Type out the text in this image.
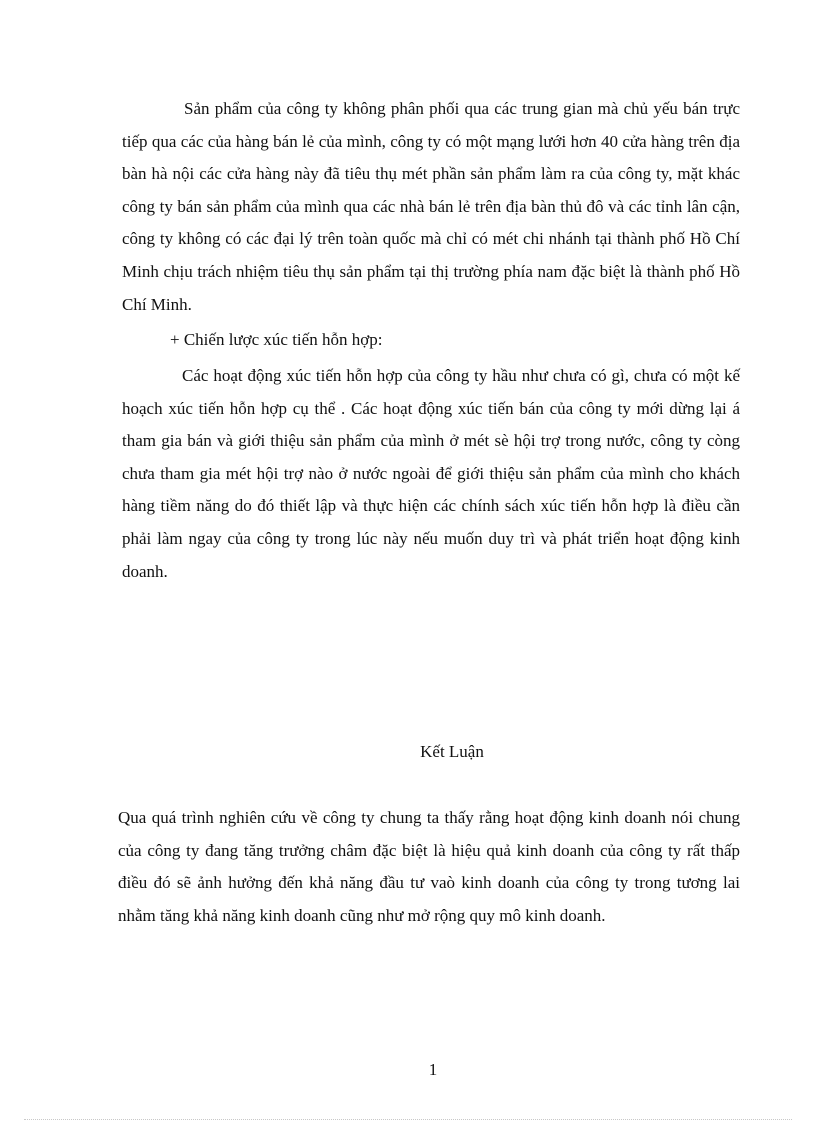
Sản phẩm của công ty không phân phối qua các trung gian mà chủ yếu bán trực tiếp qua các của hàng bán lẻ của mình, công ty có một mạng lưới hơn 40 cửa hàng trên địa bàn hà nội các cửa hàng này đã tiêu thụ mét phần sản phẩm làm ra của công ty, mặt khác công ty bán sản phẩm của mình qua các nhà bán lẻ trên địa bàn thủ đô và các tỉnh lân cận, công ty không có các đại lý trên toàn quốc mà chỉ có mét chi nhánh tại thành phố Hồ Chí Minh chịu trách nhiệm tiêu thụ sản phẩm tại thị trường phía nam đặc biệt là thành phố Hồ Chí Minh.

+ Chiến lược xúc tiến hỗn hợp:

Các hoạt động xúc tiến hỗn hợp của công ty hầu như chưa có gì, chưa có một kế hoạch xúc tiến hỗn hợp cụ thể . Các hoạt động xúc tiến bán của công ty mới dừng lại á tham gia bán và giới thiệu sản phẩm của mình ở mét sè hội trợ trong nước, công ty còng chưa tham gia mét hội trợ nào ở nước ngoài để giới thiệu sản phẩm của mình cho khách hàng tiềm năng do đó thiết lập và thực hiện các chính sách xúc tiến hỗn hợp là điều cần phải làm ngay của công ty trong lúc này nếu muốn duy trì và phát triển hoạt động kinh doanh.

Kết Luận

Qua quá trình nghiên cứu về công ty chung ta thấy rằng hoạt động kinh doanh nói chung của công ty đang tăng trưởng châm đặc biệt là hiệu quả kinh doanh của công ty rất thấp điều đó sẽ ảnh hưởng đến khả năng đầu tư vaò kinh doanh của công ty trong tương lai nhằm tăng khả năng kinh doanh cũng như mở rộng quy mô kinh doanh.

1
